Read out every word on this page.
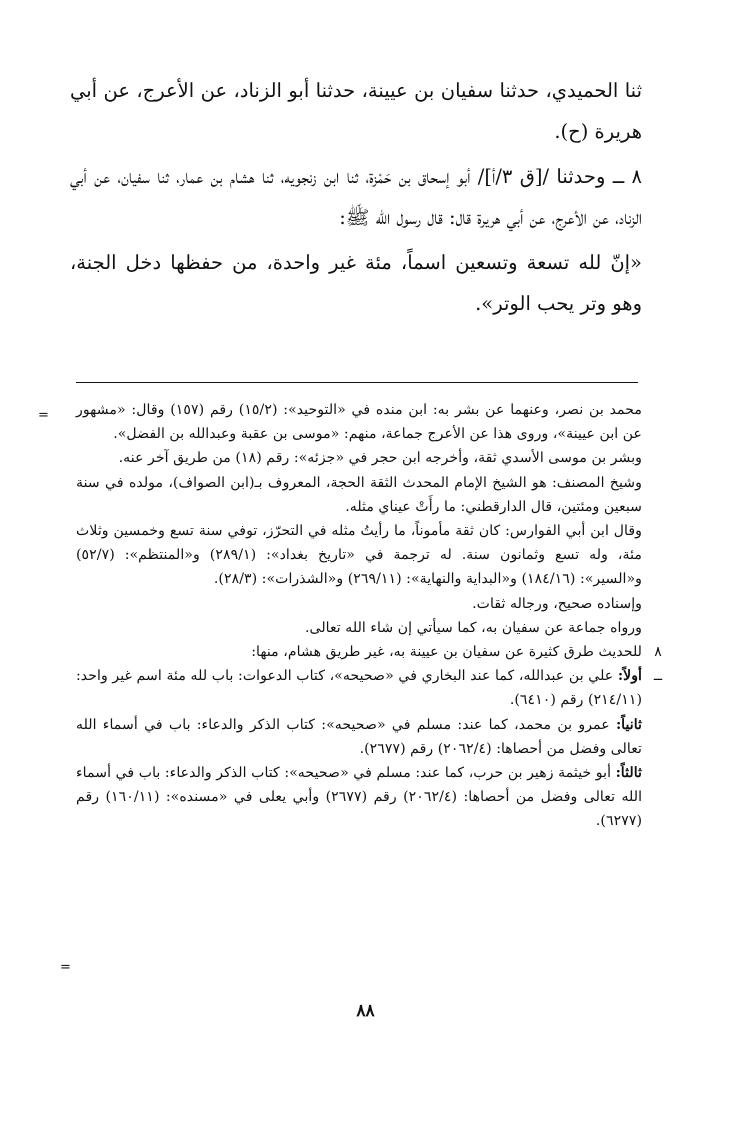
ثنا الحميدي، حدثنا سفيان بن عيينة، حدثنا أبو الزناد، عن الأعرج، عن أبي هريرة (ح).

٨ ــ وحدثنا /[ق ٣/أ]/ أبو إسحاق بن حَمْزة، ثنا ابن زنجويه، ثنا هشام بن عمار، ثنا سفيان، عن أبي الزناد، عن الأعرج، عن أبي هريرة قال: قال رسول الله ﷺ:

«إنّ لله تسعة وتسعين اسماً، مئة غير واحدة، من حفظها دخل الجنة، وهو وتر يحب الوتر».

= محمد بن نصر، وعنهما عن بشر به: ابن منده في «التوحيد»: (١٥/٢) رقم (١٥٧) وقال: «مشهور عن ابن عيينة»، وروى هذا عن الأعرج جماعة، منهم: «موسى بن عقبة وعبدالله بن الفضل».

وبشر بن موسى الأسدي ثقة، وأخرجه ابن حجر في «جزئه»: رقم (١٨) من طريق آخر عنه.

وشيخ المصنف: هو الشيخ الإمام المحدث الثقة الحجة، المعروف بـ(ابن الصواف)، مولده في سنة سبعين ومئتين، قال الدارقطني: ما رأَتْ عيناي مثله.

وقال ابن أبي الفوارس: كان ثقة مأموناً، ما رأيتُ مثله في التحرّز، توفي سنة تسع وخمسين وثلاث مئة، وله تسع وثمانون سنة. له ترجمة في «تاريخ بغداد»: (٢٨٩/١) و«المنتظم»: (٥٢/٧) و«السير»: (١٨٤/١٦) و«البداية والنهاية»: (٢٦٩/١١) و«الشذرات»: (٢٨/٣).

وإسناده صحيح، ورجاله ثقات.

ورواه جماعة عن سفيان به، كما سيأتي إن شاء الله تعالى.

٨ ــ

للحديث طرق كثيرة عن سفيان بن عيينة به، غير طريق هشام، منها:

أولاً: علي بن عبدالله، كما عند البخاري في «صحيحه»، كتاب الدعوات: باب لله مئة اسم غير واحد: (٢١٤/١١) رقم (٦٤١٠).

ثانياً: عمرو بن محمد، كما عند: مسلم في «صحيحه»: كتاب الذكر والدعاء: باب في أسماء الله تعالى وفضل من أحصاها: (٢٠٦٢/٤) رقم (٢٦٧٧).

ثالثاً: أبو خيثمة زهير بن حرب، كما عند: مسلم في «صحيحه»: كتاب الذكر والدعاء: باب في أسماء الله تعالى وفضل من أحصاها: (٢٠٦٢/٤) رقم (٢٦٧٧) وأبي يعلى في «مسنده»: (١٦٠/١١) رقم (٦٢٧٧).

=
٨٨
